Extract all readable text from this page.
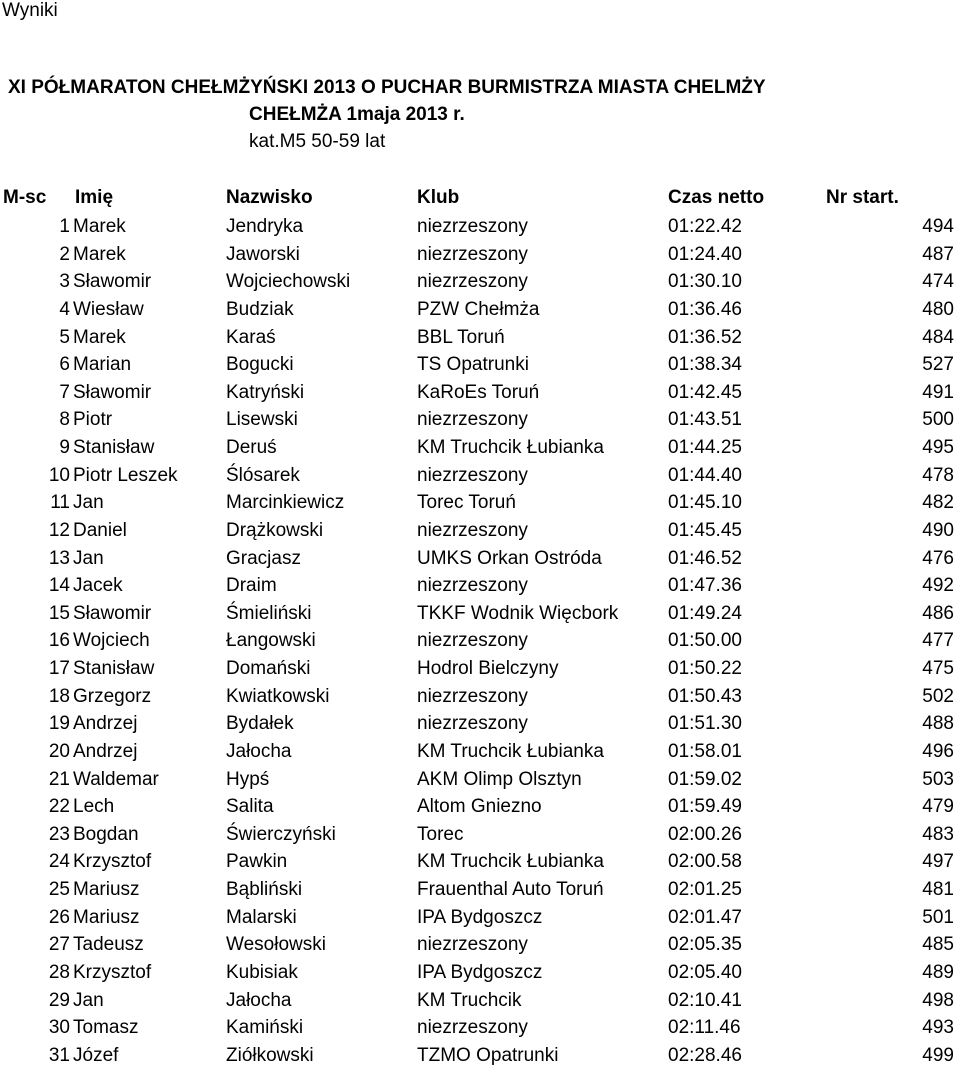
Wyniki
XI PÓŁMARATON CHEŁMŻYŃSKI 2013 O PUCHAR BURMISTRZA MIASTA CHELMŻY
CHEŁMŻA 1maja 2013 r.
kat.M5 50-59 lat
M-sc Imię	Nazwisko	Klub	Czas netto	Nr start.
1 Marek	Jendryka	niezrzeszony	01:22.42	494
2 Marek	Jaworski	niezrzeszony	01:24.40	487
3 Sławomir	Wojciechowski	niezrzeszony	01:30.10	474
4 Wiesław	Budziak	PZW Chełmża	01:36.46	480
5 Marek	Karaś	BBL Toruń	01:36.52	484
6 Marian	Bogucki	TS Opatrunki	01:38.34	527
7 Sławomir	Katryński	KaRoEs Toruń	01:42.45	491
8 Piotr	Lisewski	niezrzeszony	01:43.51	500
9 Stanisław	Deruś	KM Truchcik Łubianka	01:44.25	495
10 Piotr Leszek	Ślósarek	niezrzeszony	01:44.40	478
11 Jan	Marcinkiewicz	Torec Toruń	01:45.10	482
12 Daniel	Drążkowski	niezrzeszony	01:45.45	490
13 Jan	Gracjasz	UMKS Orkan Ostróda	01:46.52	476
14 Jacek	Draim	niezrzeszony	01:47.36	492
15 Sławomir	Śmieliński	TKKF Wodnik Więcbork	01:49.24	486
16 Wojciech	Łangowski	niezrzeszony	01:50.00	477
17 Stanisław	Domański	Hodrol Bielczyny	01:50.22	475
18 Grzegorz	Kwiatkowski	niezrzeszony	01:50.43	502
19 Andrzej	Bydałek	niezrzeszony	01:51.30	488
20 Andrzej	Jałocha	KM Truchcik Łubianka	01:58.01	496
21 Waldemar	Hypś	AKM Olimp Olsztyn	01:59.02	503
22 Lech	Salita	Altom Gniezno	01:59.49	479
23 Bogdan	Świerczyński	Torec	02:00.26	483
24 Krzysztof	Pawkin	KM Truchcik Łubianka	02:00.58	497
25 Mariusz	Bąbliński	Frauenthal Auto Toruń	02:01.25	481
26 Mariusz	Malarski	IPA Bydgoszcz	02:01.47	501
27 Tadeusz	Wesołowski	niezrzeszony	02:05.35	485
28 Krzysztof	Kubisiak	IPA Bydgoszcz	02:05.40	489
29 Jan	Jałocha	KM Truchcik	02:10.41	498
30 Tomasz	Kamiński	niezrzeszony	02:11.46	493
31 Józef	Ziółkowski	TZMO Opatrunki	02:28.46	499
